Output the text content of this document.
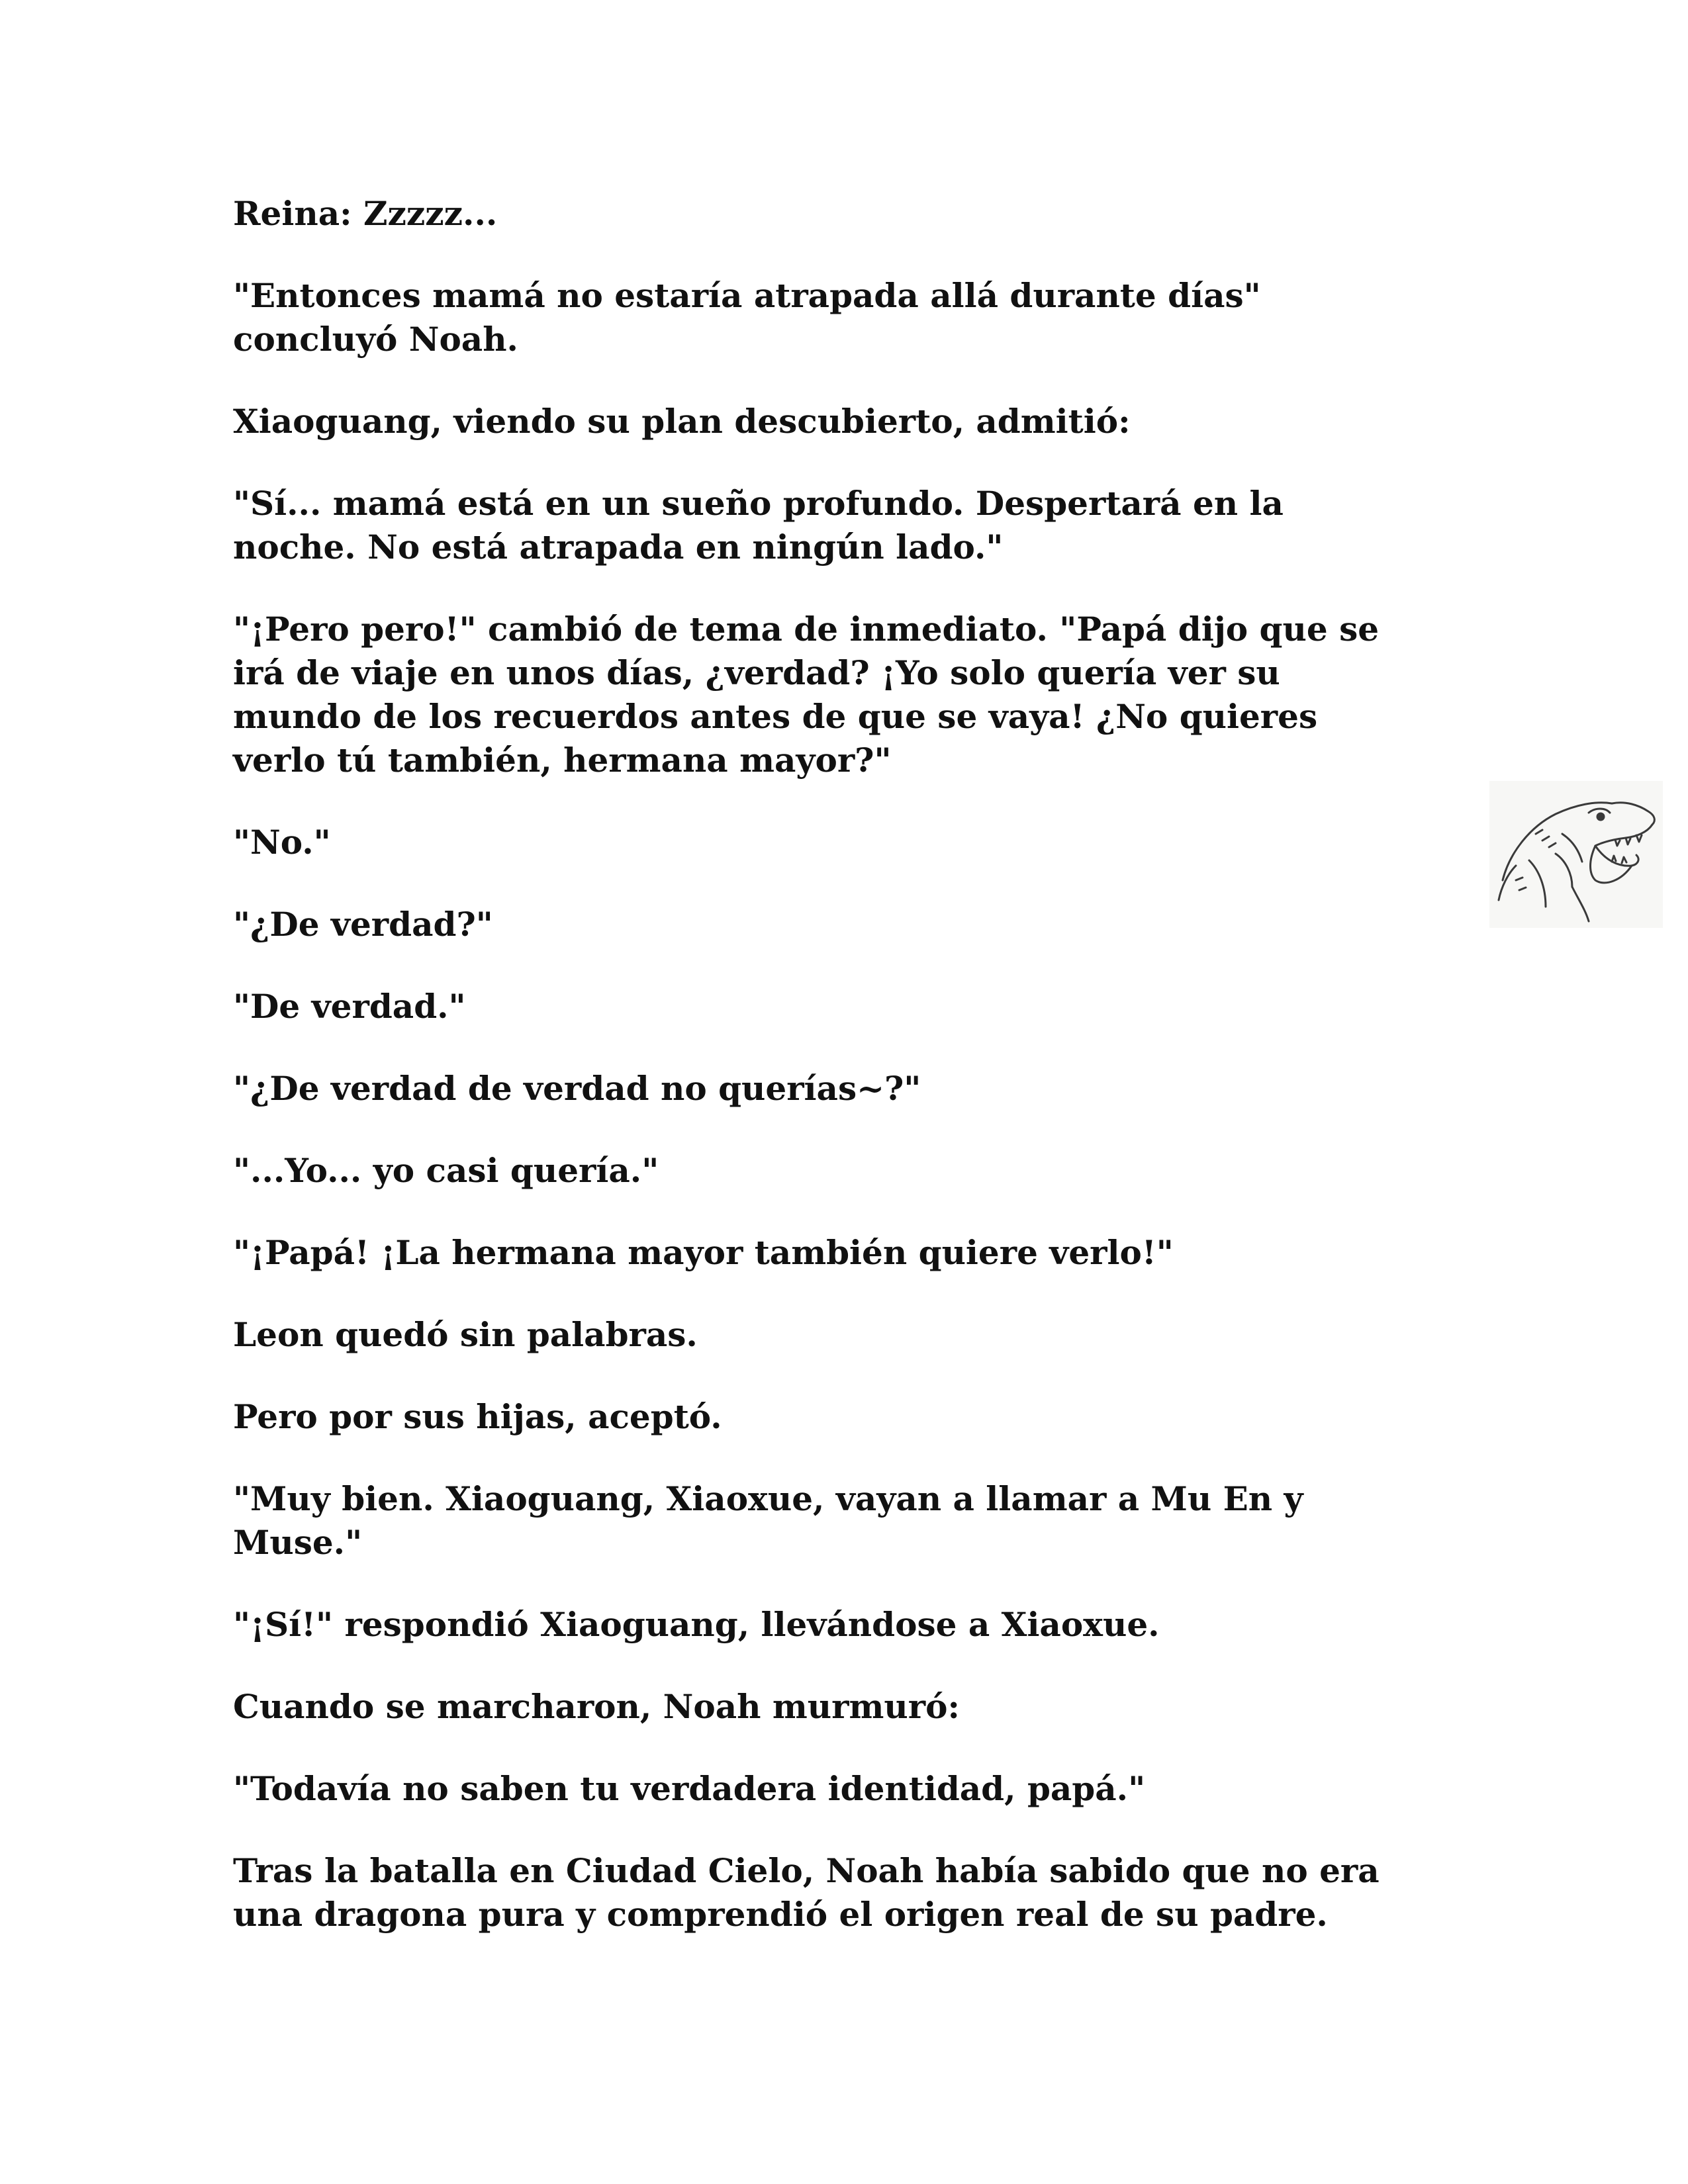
Reina: Zzzzz...

"Entonces mamá no estaría atrapada allá durante días"
concluyó Noah.

Xiaoguang, viendo su plan descubierto, admitió:

"Sí... mamá está en un sueño profundo. Despertará en la
noche. No está atrapada en ningún lado."

"¡Pero pero!" cambió de tema de inmediato. "Papá dijo que se
irá de viaje en unos días, ¿verdad? ¡Yo solo quería ver su
mundo de los recuerdos antes de que se vaya! ¿No quieres
verlo tú también, hermana mayor?"

"No."

"¿De verdad?"

"De verdad."

"¿De verdad de verdad no querías~?"

"...Yo... yo casi quería."

"¡Papá! ¡La hermana mayor también quiere verlo!"

Leon quedó sin palabras.

Pero por sus hijas, aceptó.

"Muy bien. Xiaoguang, Xiaoxue, vayan a llamar a Mu En y
Muse."

"¡Sí!" respondió Xiaoguang, llevándose a Xiaoxue.

Cuando se marcharon, Noah murmuró:

"Todavía no saben tu verdadera identidad, papá."

Tras la batalla en Ciudad Cielo, Noah había sabido que no era
una dragona pura y comprendió el origen real de su padre.
